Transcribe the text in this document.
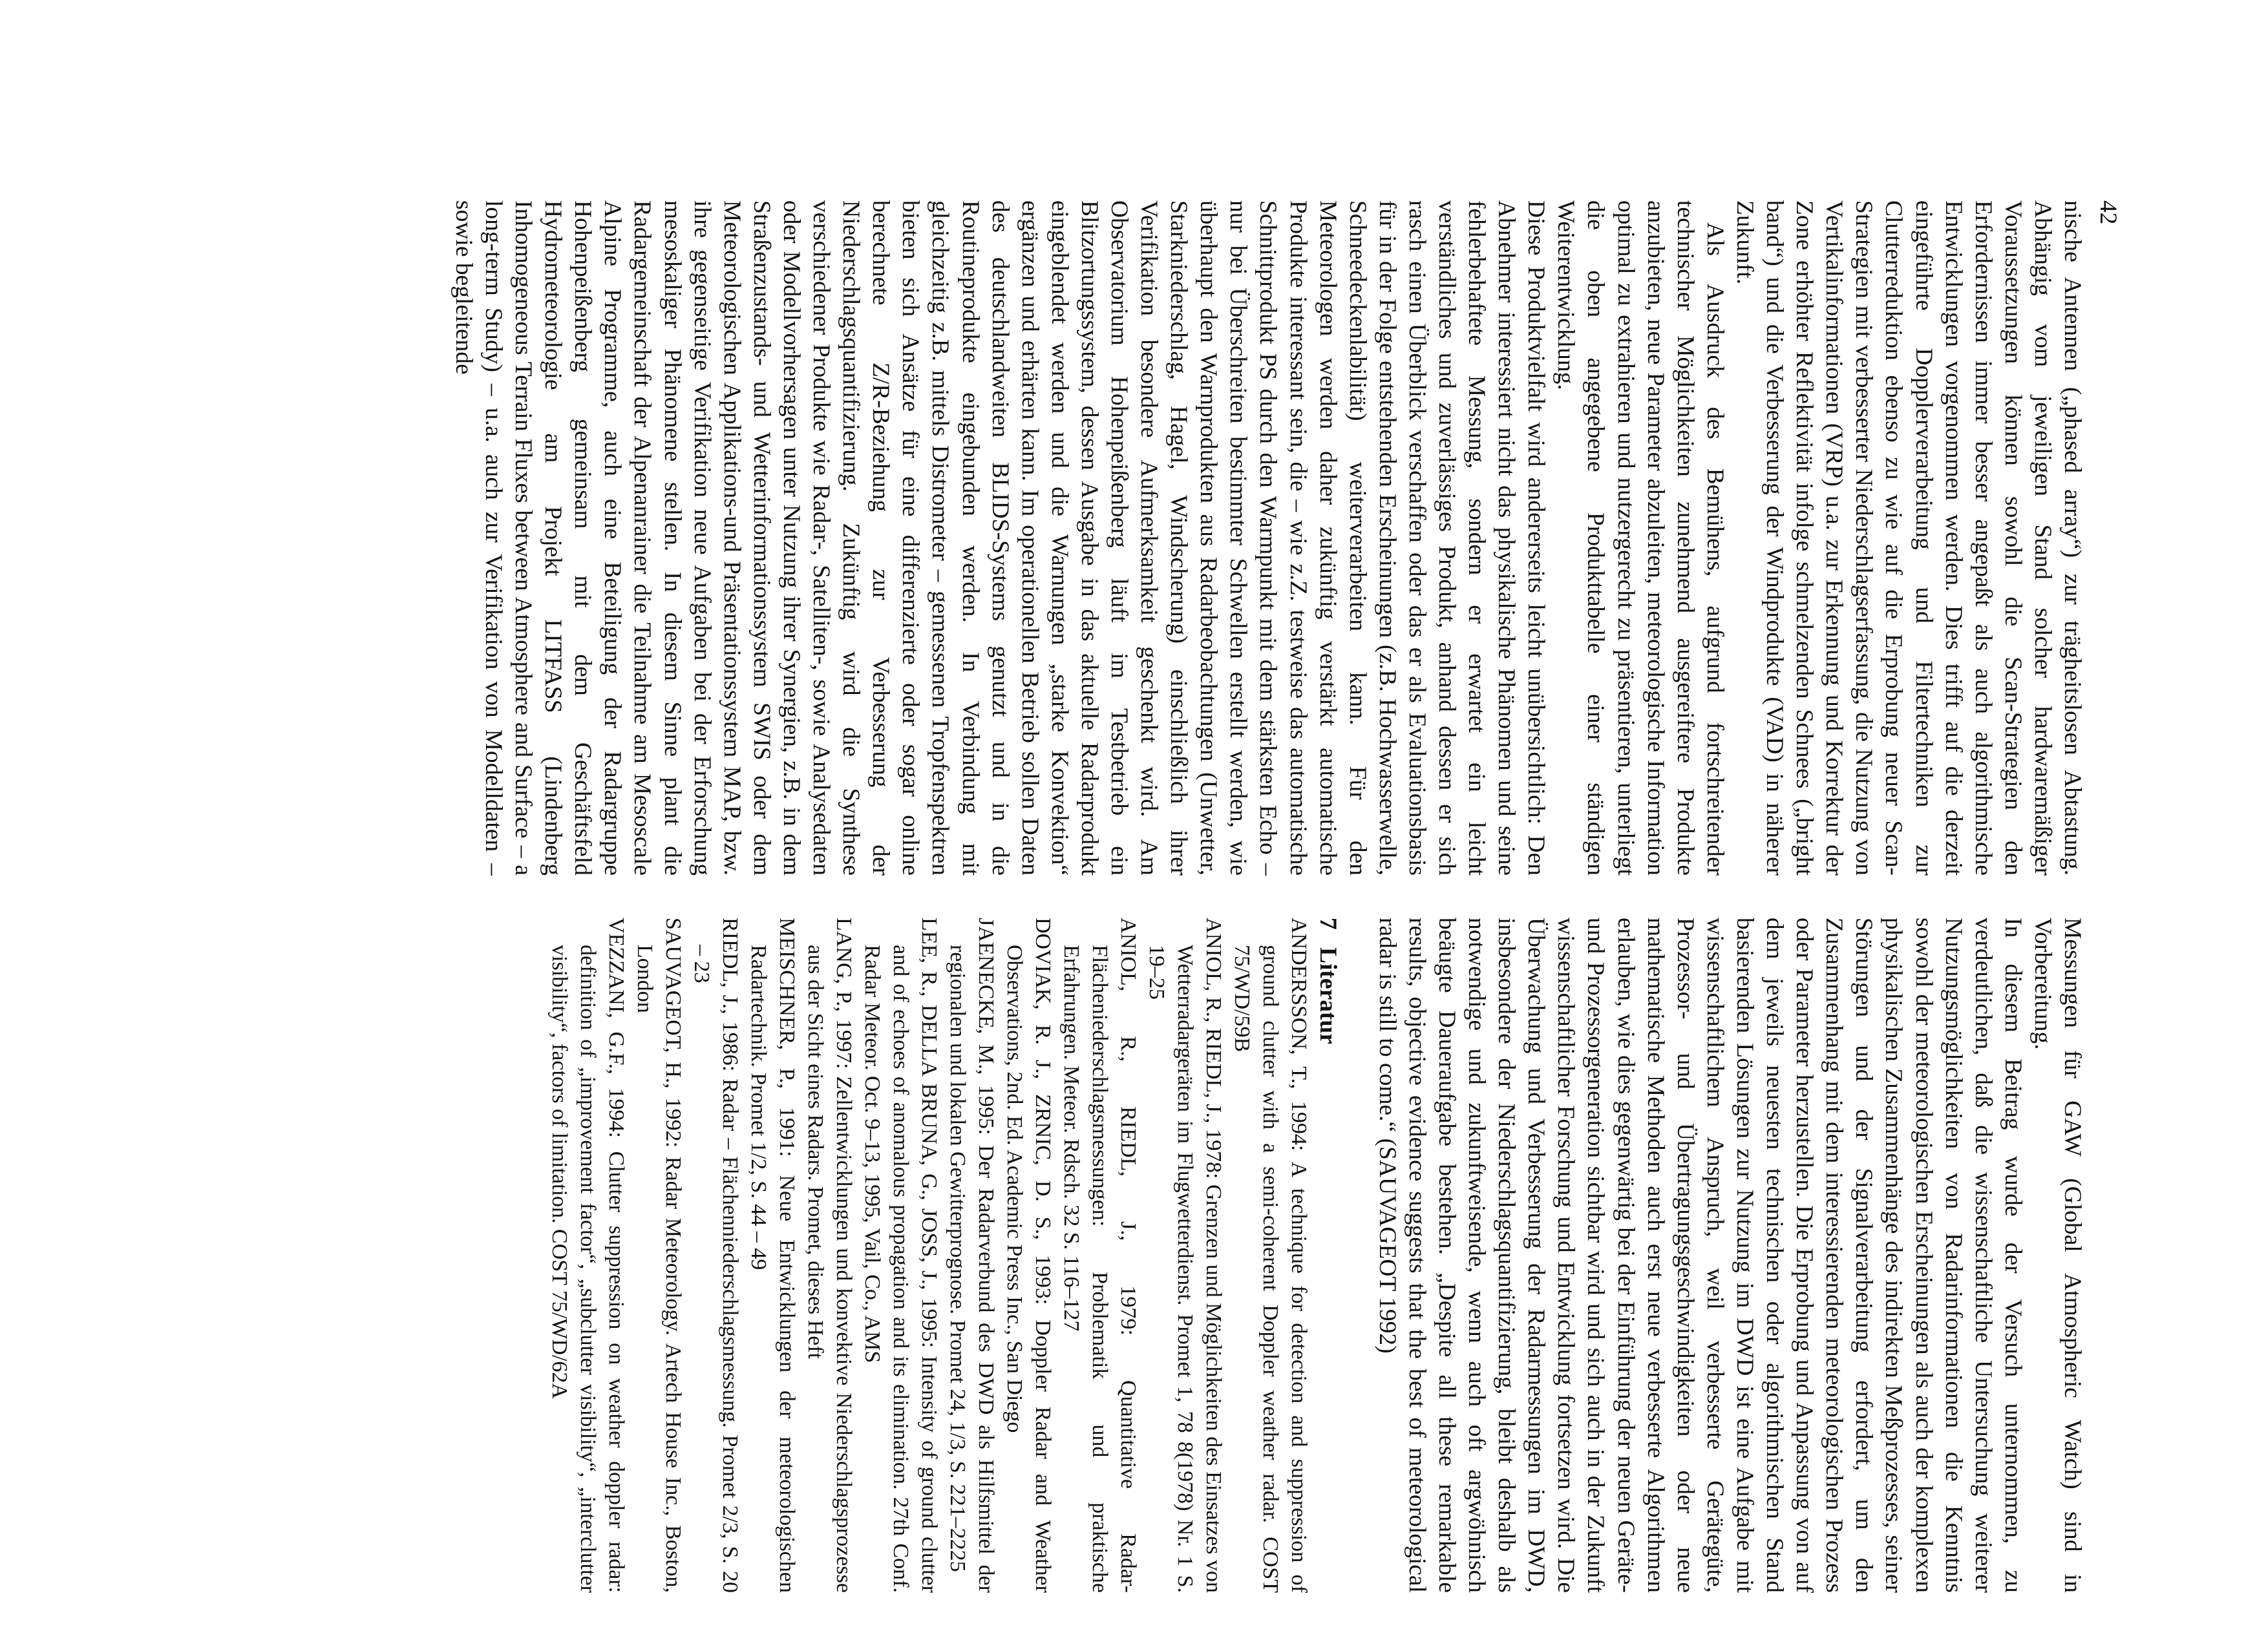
42

nische Antennen („phased array“) zur trägheitslosen Abtastung. Abhängig vom jeweiligen Stand solcher hardwaremäßiger Voraussetzungen können sowohl die Scan-Strategien den Erfordernissen immer besser angepaßt als auch algorithmische Entwicklungen vorgenommen werden. Dies trifft auf die derzeit eingeführte Dopplerverarbeitung und Filtertechniken zur Clutterreduktion ebenso zu wie auf die Erprobung neuer Scan-Strategien mit verbesserter Niederschlagserfassung, die Nutzung von Vertikalinformationen (VRP) u.a. zur Erkennung und Korrektur der Zone erhöhter Reflektivität infolge schmelzenden Schnees („bright band“) und die Verbesserung der Windprodukte (VAD) in näherer Zukunft.

Als Ausdruck des Bemühens, aufgrund fortschreitender technischer Möglichkeiten zunehmend ausgereiftere Produkte anzubieten, neue Parameter abzuleiten, meteorologische Information optimal zu extrahieren und nutzergerecht zu präsentieren, unterliegt die oben angegebene Produkttabelle einer ständigen Weiterentwicklung.

Diese Produktvielfalt wird andererseits leicht unübersichtlich: Den Abnehmer interessiert nicht das physikalische Phänomen und seine fehlerbehaftete Messung, sondern er erwartet ein leicht verständliches und zuverlässiges Produkt, anhand dessen er sich rasch einen Überblick verschaffen oder das er als Evaluationsbasis für in der Folge entstehenden Erscheinungen (z.B. Hochwasserwelle, Schneedeckenlabilität) weiterverarbeiten kann. Für den Meteorologen werden daher zukünftig verstärkt automatische Produkte interessant sein, die – wie z.Z. testweise das automatische Schnittprodukt PS durch den Warmpunkt mit dem stärksten Echo – nur bei Überschreiten bestimmter Schwellen erstellt werden, wie überhaupt den Warnprodukten aus Radarbeobachtungen (Unwetter, Starkniederschlag, Hagel, Windscherung) einschließlich ihrer Verifikation besondere Aufmerksamkeit geschenkt wird. Am Observatorium Hohenpeißenberg läuft im Testbetrieb ein Blitzortungssystem, dessen Ausgabe in das aktuelle Radarprodukt eingeblendet werden und die Warnungen „starke Konvektion“ ergänzen und erhärten kann. Im operationellen Betrieb sollen Daten des deutschlandweiten BLIDS-Systems genutzt und in die Routineprodukte eingebunden werden. In Verbindung mit gleichzeitig z.B. mittels Distrometer – gemessenen Tropfenspektren bieten sich Ansätze für eine differenzierte oder sogar online berechnete Z/R-Beziehung zur Verbesserung der Niederschlagsquantifizierung. Zukünftig wird die Synthese verschiedener Produkte wie Radar-, Satelliten-, sowie Analysedaten oder Modellvorhersagen unter Nutzung ihrer Synergien, z.B. in dem Straßenzustands- und Wetterinformationssystem SWIS oder dem Meteorologischen Applikations-und Präsentationssystem MAP, bzw. ihre gegenseitige Verifikation neue Aufgaben bei der Erforschung mesoskaliger Phänomene stellen. In diesem Sinne plant die Radargemeinschaft der Alpenanrainer die Teilnahme am Mesoscale Alpine Programme, auch eine Beteiligung der Radargruppe Hohenpeißenberg gemeinsam mit dem Geschäftsfeld Hydrometeorologie am Projekt LITFASS (Lindenberg Inhomogeneous Terrain Fluxes between Atmosphere and Surface – a long-term Study) – u.a. auch zur Verifikation von Modelldaten – sowie begleitende

Messungen für GAW (Global Atmospheric Watch) sind in Vorbereitung.

In diesem Beitrag wurde der Versuch unternommen, zu verdeutlichen, daß die wissenschaftliche Untersuchung weiterer Nutzungsmöglichkeiten von Radarinformationen die Kenntnis sowohl der meteorologischen Erscheinungen als auch der komplexen physikalischen Zusammenhänge des indirekten Meßprozesses, seiner Störungen und der Signalverarbeitung erfordert, um den Zusammenhang mit dem interessierenden meteorologischen Prozess oder Parameter herzustellen. Die Erprobung und Anpassung von auf dem jeweils neuesten technischen oder algorithmischen Stand basierenden Lösungen zur Nutzung im DWD ist eine Aufgabe mit wissenschaftlichem Anspruch, weil verbesserte Gerätegüte, Prozessor- und Übertragungsgeschwindigkeiten oder neue mathematische Methoden auch erst neue verbesserte Algorithmen erlauben, wie dies gegenwärtig bei der Einführung der neuen Geräte- und Prozessorgeneration sichtbar wird und sich auch in der Zukunft wissenschaftlicher Forschung und Entwicklung fortsetzen wird. Die Überwachung und Verbesserung der Radarmessungen im DWD, insbesondere der Niederschlagsquantifizierung, bleibt deshalb als notwendige und zukunftweisende, wenn auch oft argwöhnisch beäugte Daueraufgabe bestehen. „Despite all these remarkable results, objective evidence suggests that the best of meteorological radar is still to come.“ (SAUVAGEOT 1992)

7Literatur

ANDERSSON, T., 1994: A technique for detection and suppression of ground clutter with a semi-coherent Doppler weather radar. COST 75/WD/59B

ANIOL, R., RIEDL, J., 1978: Grenzen und Möglichkeiten des Einsatzes von Wetterradargeräten im Flugwetterdienst. Promet 1, 78 8(1978) Nr. 1 S. 19–25

ANIOL, R., RIEDL, J., 1979: Quantitative Radar-Flächeniederschlagsmessungen: Problematik und praktische Erfahrungen. Meteor. Rdsch. 32 S. 116–127

DOVIAK, R. J., ZRNIC, D. S., 1993: Doppler Radar and Weather Observations, 2nd. Ed. Academic Press Inc., San Diego

JAENECKE, M., 1995: Der Radarverbund des DWD als Hilfsmittel der regionalen und lokalen Gewitterprognose. Promet 24, 1/3, S. 221–2225

LEE, R., DELLA BRUNA, G., JOSS, J., 1995: Intensity of ground clutter and of echoes of anomalous propagation and its elimination. 27th Conf. Radar Meteor. Oct. 9–13, 1995, Vail, Co., AMS

LANG, P., 1997: Zellentwicklungen und konvektive Niederschlagsprozesse aus der Sicht eines Radars. Promet, dieses Heft

MEISCHNER, P., 1991: Neue Entwicklungen der meteorologischen Radartechnik. Promet 1/2, S. 44 – 49

RIEDL, J., 1986: Radar – Flächenniederschlagsmessung. Promet 2/3, S. 20 – 23

SAUVAGEOT, H., 1992: Radar Meteorology. Artech House Inc., Boston, London

VEZZANI, G.F., 1994: Clutter suppression on weather doppler radar: definition of „improvement factor“, „subclutter visibility“, „interclutter visibility“, factors of limitation. COST 75/WD/62A
